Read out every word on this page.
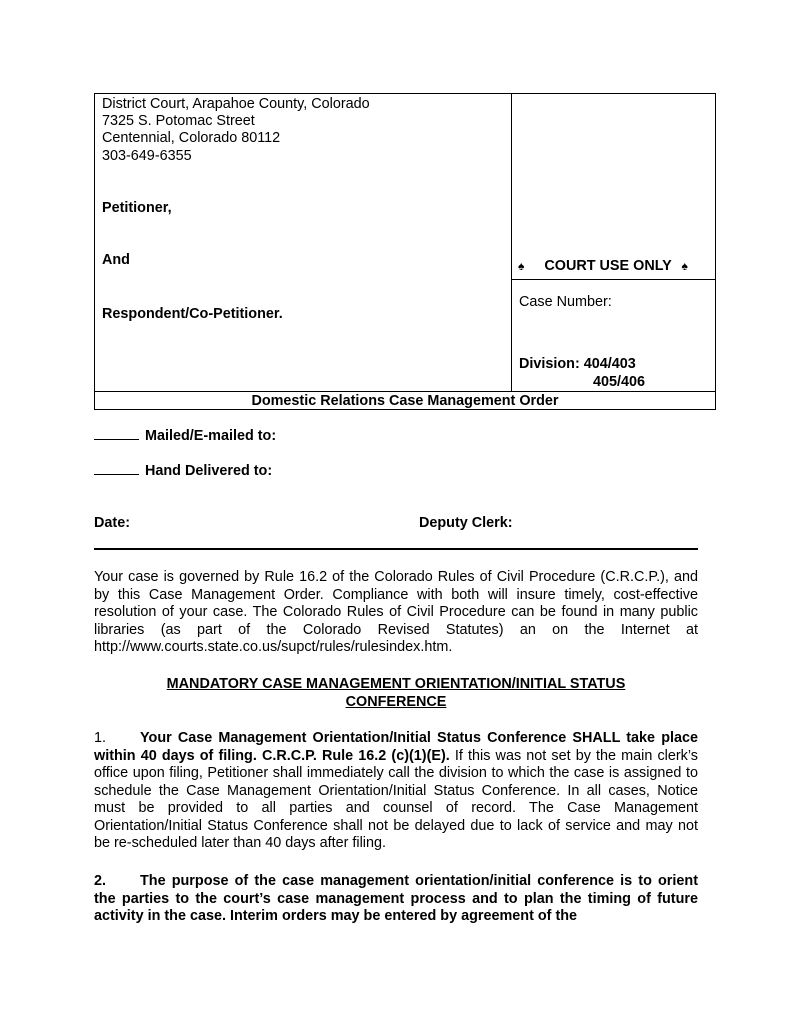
District Court, Arapahoe County, Colorado
7325 S. Potomac Street
Centennial, Colorado 80112
303-649-6355
Petitioner,
And
Respondent/Co-Petitioner.
♠ COURT USE ONLY ♠
Case Number:
Division: 404/403
405/406
Domestic Relations Case Management Order
Mailed/E-mailed to:
Hand Delivered to:
Date:	Deputy Clerk:
Your case is governed by Rule 16.2 of the Colorado Rules of Civil Procedure (C.R.C.P.), and by this Case Management Order. Compliance with both will insure timely, cost-effective resolution of your case. The Colorado Rules of Civil Procedure can be found in many public libraries (as part of the Colorado Revised Statutes) an on the Internet at http://www.courts.state.co.us/supct/rules/rulesindex.htm.
MANDATORY CASE MANAGEMENT ORIENTATION/INITIAL STATUS
CONFERENCE
1. Your Case Management Orientation/Initial Status Conference SHALL take place within 40 days of filing. C.R.C.P. Rule 16.2 (c)(1)(E). If this was not set by the main clerk’s office upon filing, Petitioner shall immediately call the division to which the case is assigned to schedule the Case Management Orientation/Initial Status Conference. In all cases, Notice must be provided to all parties and counsel of record. The Case Management Orientation/Initial Status Conference shall not be delayed due to lack of service and may not be re-scheduled later than 40 days after filing.
2. The purpose of the case management orientation/initial conference is to orient the parties to the court’s case management process and to plan the timing of future activity in the case. Interim orders may be entered by agreement of the
